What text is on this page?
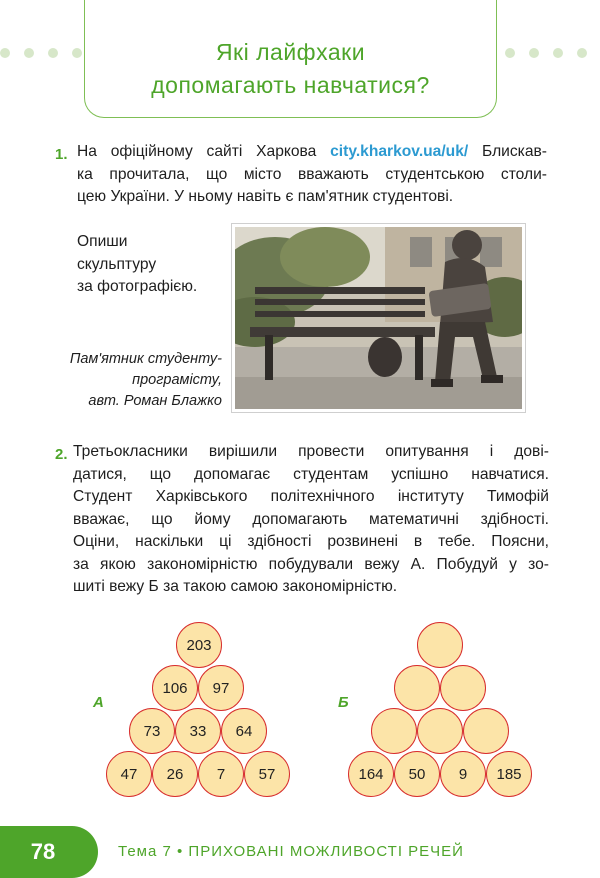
Які лайфхаки
допомагають навчатися?
1. На офіційному сайті Харкова city.kharkov.ua/uk/ Блискав-
ка прочитала, що місто вважають студентською столи-
цею України. У ньому навіть є пам'ятник студентові.
Опиши
скульптуру
за фотографією.
Пам'ятник студенту-
програмісту,
авт. Роман Блажко
2. Третьокласники вирішили провести опитування і дові-
датися, що допомагає студентам успішно навчатися.
Студент Харківського політехнічного інституту Тимофій
вважає, що йому допомагають математичні здібності.
Оціни, наскільки ці здібності розвинені в тебе. Поясни,
за якою закономірністю побудували вежу А. Побудуй у зо-
шиті вежу Б за такою самою закономірністю.
А
203
106	97
73	33	64
47	26	7	57
Б
164	50	9	185
78	Тема 7 • ПРИХОВАНІ МОЖЛИВОСТІ РЕЧЕЙ
